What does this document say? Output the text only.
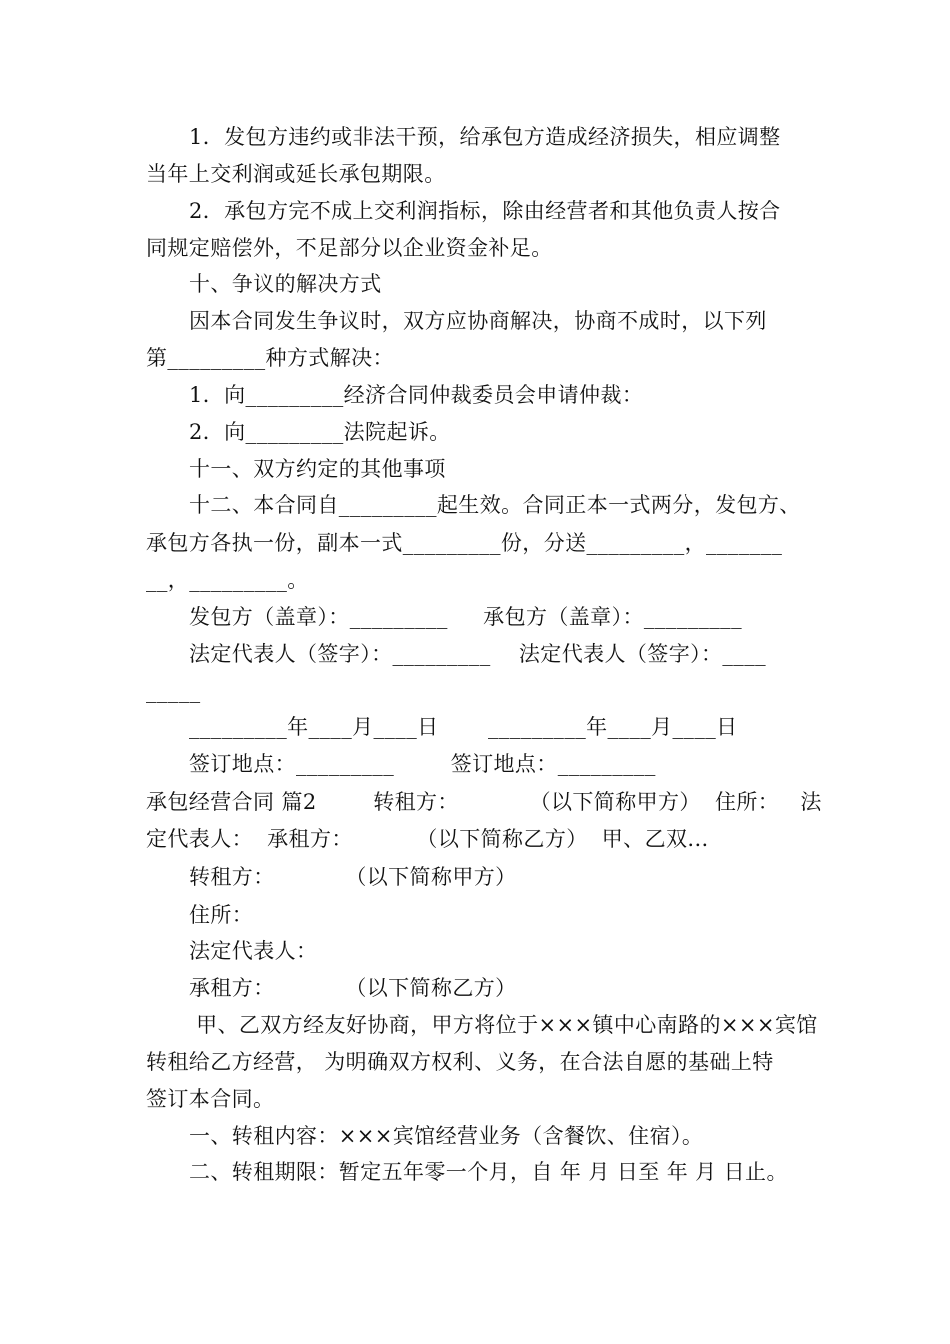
1．发包方违约或非法干预，给承包方造成经济损失，相应调整
当年上交利润或延长承包期限。
2．承包方完不成上交利润指标，除由经营者和其他负责人按合
同规定赔偿外，不足部分以企业资金补足。
十、争议的解决方式
因本合同发生争议时，双方应协商解决，协商不成时，以下列
第_________种方式解决：
1．向_________经济合同仲裁委员会申请仲裁：
2．向_________法院起诉。
十一、双方约定的其他事项
十二、本合同自_________起生效。合同正本一式两分，发包方、
承包方各执一份，副本一式_________份，分送_________，_______
__，_________。
发包方（盖章）：_________     承包方（盖章）：_________
法定代表人（签字）：_________    法定代表人（签字）：____
_____
_________年____月____日       _________年____月____日
签订地点：_________        签订地点：_________
承包经营合同 篇2        转租方：          （以下简称甲方）  住所：   法
定代表人：  承租方：         （以下简称乙方）  甲、乙双...
转租方：          （以下简称甲方）
住所：
法定代表人：
承租方：          （以下简称乙方）
甲、乙双方经友好协商，甲方将位于×××镇中心南路的×××宾馆
转租给乙方经营， 为明确双方权利、义务，在合法自愿的基础上特
签订本合同。
一、转租内容：×××宾馆经营业务（含餐饮、住宿）。
二、转租期限：暂定五年零一个月，自 年 月 日至 年 月 日止。
